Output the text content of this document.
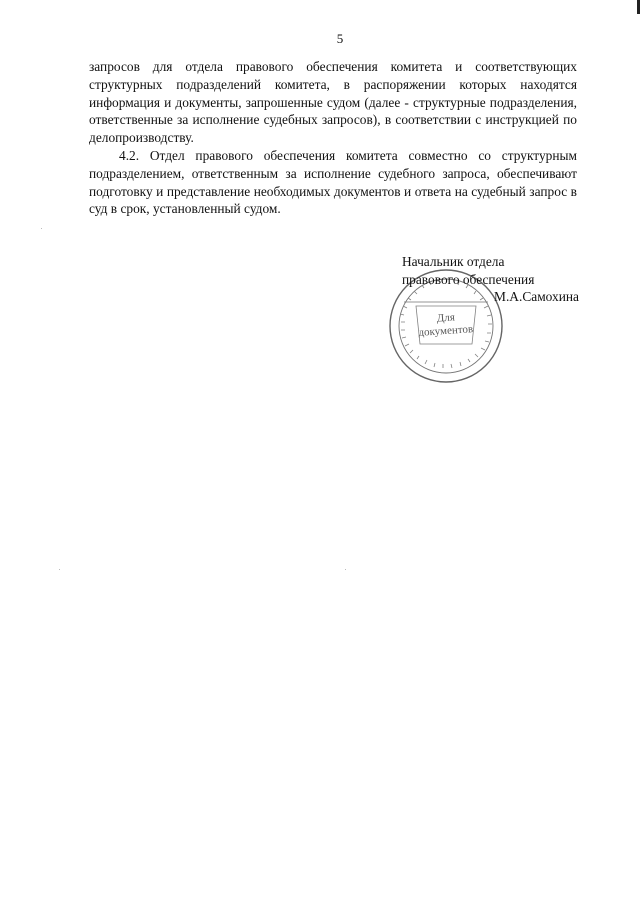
5

запросов для отдела правового обеспечения комитета и соответствующих структурных подразделений комитета, в распоряжении которых находятся информация и документы, запрошенные судом (далее - структурные подразделения, ответственные за исполнение судебных запросов), в соответствии с инструкцией по делопроизводству.

4.2. Отдел правового обеспечения комитета совместно со структурным подразделением, ответственным за исполнение судебного запроса, обеспечивают подготовку и представление необходимых документов и ответа на судебный запрос в суд в срок, установленный судом.

Для
документов
Начальник отдела
правового обеспечения
М.А.Самохина
